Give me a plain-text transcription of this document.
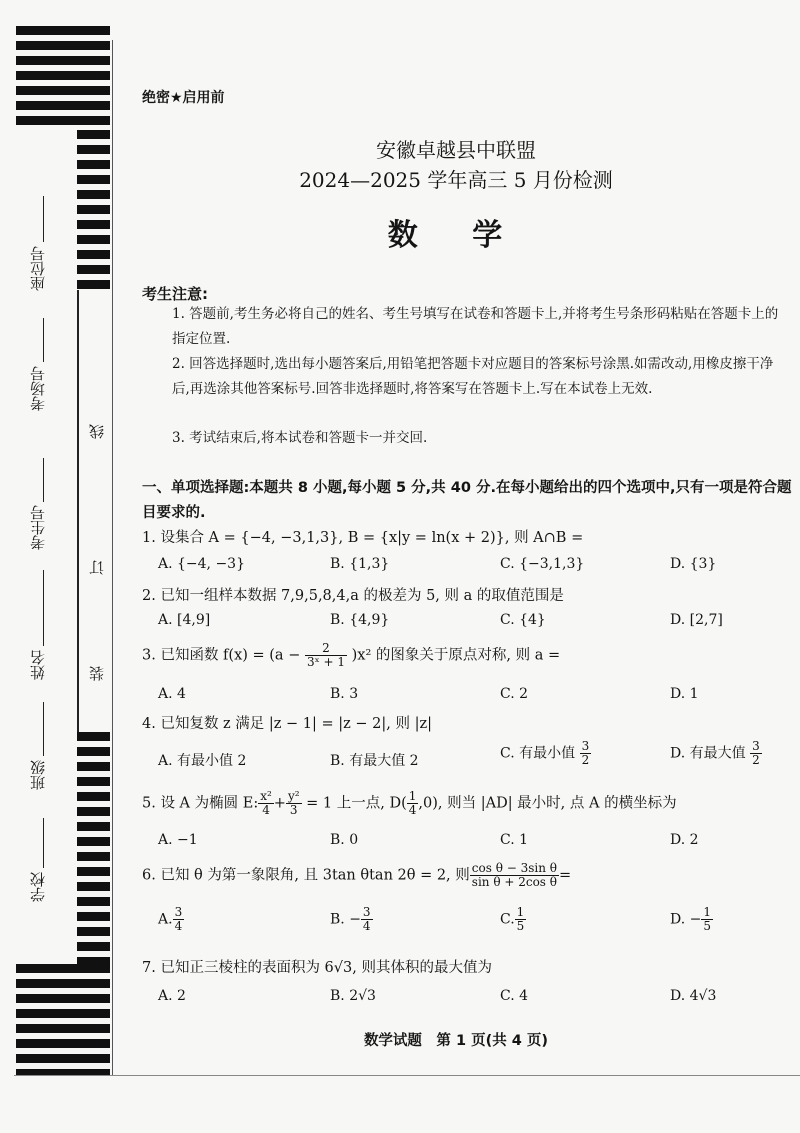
座位号
考场号
考生号
姓名
班级
学校
线
订
装
绝密★启用前
安徽卓越县中联盟
2024—2025 学年高三 5 月份检测
数 学
考生注意:
1. 答题前,考生务必将自己的姓名、考生号填写在试卷和答题卡上,并将考生号条形码粘贴在答题卡上的指定位置.
2. 回答选择题时,选出每小题答案后,用铅笔把答题卡对应题目的答案标号涂黑.如需改动,用橡皮擦干净后,再选涂其他答案标号.回答非选择题时,将答案写在答题卡上.写在本试卷上无效.
3. 考试结束后,将本试卷和答题卡一并交回.
一、单项选择题:本题共 8 小题,每小题 5 分,共 40 分.在每小题给出的四个选项中,只有一项是符合题目要求的.
1. 设集合 A = {−4, −3,1,3}, B = {x|y = ln(x + 2)}, 则 A∩B =
A. {−4, −3}	B. {1,3}	C. {−3,1,3}	D. {3}
2. 已知一组样本数据 7,9,5,8,4,a 的极差为 5, 则 a 的取值范围是
A. [4,9]	B. {4,9}	C. {4}	D. [2,7]
3. 已知函数 $f(x) = (a - \frac{2}{\text{3ˣ + 1}} )x^2$ 的图象关于原点对称, 则 a =
A. 4	B. 3	C. 2	D. 1
4. 已知复数 z 满足 |z − 1| = |z − 2|, 则 |z|
A. 有最小值 2	B. 有最大值 2	C. 有最小值 $\frac{3}{2}$	D. 有最大值 $\frac{3}{2}$
5. 设 A 为椭圆 E: $\frac{\text{x²}}{4} + \frac{\text{y²}}{3} = 1$ 上一点, $D( \frac{1}{4} ,0)$, 则当 |AD| 最小时, 点 A 的横坐标为
A. −1	B. 0	C. 1	D. 2
6. 已知 θ 为第一象限角, 且 3tan θtan 2θ = 2, 则 $\frac{\text{cos θ − 3sin θ}}{\text{sin θ + 2cos θ}}$ =
A. $\frac{3}{4}$	B. − $\frac{3}{4}$	C. $\frac{1}{5}$	D. − $\frac{1}{5}$
7. 已知正三棱柱的表面积为 6√3, 则其体积的最大值为
A. 2	B. 2√3	C. 4	D. 4√3
数学试题　第 1 页(共 4 页)
